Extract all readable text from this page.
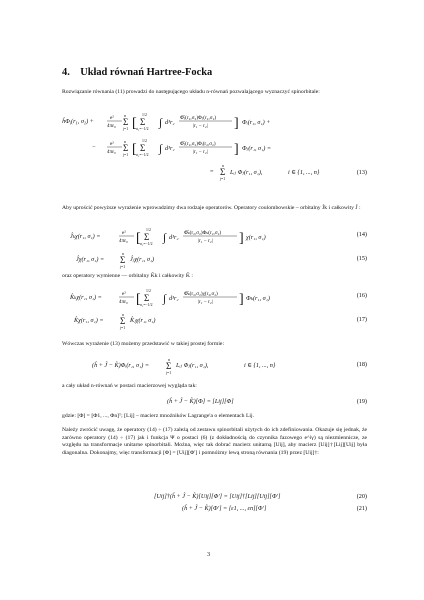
4. Układ równań Hartree-Focka
Rozwiązanie równania (11) prowadzi do następującego układu n-równań pozwalającego wyznaczyć spinorbitale:
$ĥ\Phi_i(r_1$, $\sigma_1$) +	e²
4πε₀
n
Σ
j=1 [
1/2
Σ
σ₂=−1/2 ∫ d³r₂
Φ̅ⱼ(r₂,σ₂)Φⱼ(r₂,σ₂)
|r₁ − r₂| ] Φᵢ(r₁, σ₁) +
−	e²
4πε₀
n
Σ
j=1 [
1/2
Σ
σ₂=−1/2 ∫ d³r₂
Φ̅ⱼ(r₂,σ₂)Φᵢ(r₂,σ₂)
|r₁ − r₂| ] Φⱼ(r₁, σ₁) =
=
n
Σ
j=1
Lᵢⱼ Φⱼ(r₁, σ₁),	i ∈ {1, ..., n}	(13)
Aby uprościć powyższe wyrażenie wprowadzimy dwa rodzaje operatorów. Operatory coulombowskie – orbitalny Ĵk i całkowity Ĵ :
Ĵₖχ(r₁, σ₁) =	e²
4πε₀ [
1/2
Σ
σ₂=−1/2 ∫ d³r₂
Φ̅ₖ(r₂,σ₂)Φₖ(r₂,σ₂)
|r₁ − r₂| ] χ(r₁, σ₁)	(14)
Ĵχ(r₁, σ₁) =
n
Σ
j=1
Ĵⱼχ(r₁, σ₁)	(15)
oraz operatory wymienne — orbitalny K̂k i całkowity K̂ :
K̂ₖχ(r₁, σ₁) =	e²
4πε₀ [
1/2
Σ
σ₂=−1/2 ∫ d³r₂
Φ̅ₖ(r₂,σ₂)χ(r₂,σ₂)
|r₁ − r₂| ] Φₖ(r₁, σ₁)	(16)
K̂χ(r₁, σ₁) =
n
Σ
j=1
K̂ⱼχ(r₁, σ₁)	(17)
Wówczas wyrażenie (13) możemy przedstawić w takiej prostej formie:
(ĥ + Ĵ − K̂)Φᵢ(r₁, σ₁) =
n
Σ
j=1
Lᵢⱼ Φⱼ(r₁, σ₁),	i ∈ {1, ..., n}	(18)
a cały układ n-równań w postaci macierzowej wygląda tak:
(ĥ + Ĵ − K̂)[Φ] = [Lij][Φ]	(19)
gdzie: [Φ] = [Φ1, ..., Φn]ᵀ; [Lij] – macierz mnożników Lagrange'a o elementach Lij.
Należy zwrócić uwagę, że operatory (14) ÷ (17) zależą od zestawu spinorbitali użytych do ich zdefiniowania. Okazuje się jednak, że zarówno operatory (14) ÷ (17) jak i funkcja Ψ o postaci (6) (z dokładnością do czynnika fazowego e^iγ) są niezmiennicze, ze względu na transformacje unitarne spinorbitali. Można, więc tak dobrać macierz unitarną [Uij], aby macierz [Uij]†[Lij][Uij] była diagonalna. Dokonajmy, więc transformacji [Φ] = [Uij][Φ′] i pomnóżmy lewą stroną równania (19) przez [Uij]†:
[Uij]†(ĥ + Ĵ − K̂)[Uij][Φ′] = [Uij]†[Lij][Uij][Φ′]	(20)
(ĥ + Ĵ − K̂)[Φ′] = [ε1, ..., εn][Φ′]	(21)
3
